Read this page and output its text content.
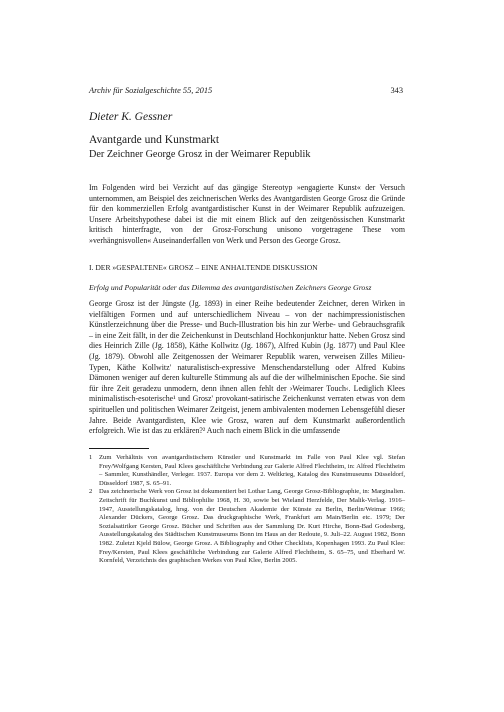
Archiv für Sozialgeschichte 55, 2015	343
Dieter K. Gessner
Avantgarde und Kunstmarkt
Der Zeichner George Grosz in der Weimarer Republik

Im Folgenden wird bei Verzicht auf das gängige Stereotyp »engagierte Kunst« der Versuch unternommen, am Beispiel des zeichnerischen Werks des Avantgardisten George Grosz die Gründe für den kommerziellen Erfolg avantgardistischer Kunst in der Weimarer Republik aufzuzeigen. Unsere Arbeitshypothese dabei ist die mit einem Blick auf den zeitgenössischen Kunstmarkt kritisch hinterfragte, von der Grosz-Forschung unisono vorgetragene These vom »verhängnisvollen« Auseinanderfallen von Werk und Person des George Grosz.

I. DER »GESPALTENE« GROSZ – EINE ANHALTENDE DISKUSSION
Erfolg und Popularität oder das Dilemma des avantgardistischen Zeichners George Grosz

George Grosz ist der Jüngste (Jg. 1893) in einer Reihe bedeutender Zeichner, deren Wirken in vielfältigen Formen und auf unterschiedlichem Niveau – von der nachimpressionistischen Künstlerzeichnung über die Presse- und Buch-Illustration bis hin zur Werbe- und Gebrauchsgrafik – in eine Zeit fällt, in der die Zeichenkunst in Deutschland Hochkonjunktur hatte. Neben Grosz sind dies Heinrich Zille (Jg. 1858), Käthe Kollwitz (Jg. 1867), Alfred Kubin (Jg. 1877) und Paul Klee (Jg. 1879). Obwohl alle Zeitgenossen der Weimarer Republik waren, verweisen Zilles Milieu-Typen, Käthe Kollwitz' naturalistisch-expressive Menschendarstellung oder Alfred Kubins Dämonen weniger auf deren kulturelle Stimmung als auf die der wilhelminischen Epoche. Sie sind für ihre Zeit geradezu unmodern, denn ihnen allen fehlt der ›Weimarer Touch‹. Lediglich Klees minimalistisch-esoterische¹ und Grosz' provokant-satirische Zeichenkunst verraten etwas von dem spirituellen und politischen Weimarer Zeitgeist, jenem ambivalenten modernen Lebensgefühl dieser Jahre. Beide Avantgardisten, Klee wie Grosz, waren auf dem Kunstmarkt außerordentlich erfolgreich. Wie ist das zu erklären?² Auch nach einem Blick in die umfassende

1	Zum Verhältnis von avantgardistischem Künstler und Kunstmarkt im Falle von Paul Klee vgl. Stefan Frey/Wolfgang Kersten, Paul Klees geschäftliche Verbindung zur Galerie Alfred Flechtheim, in: Alfred Flechtheim – Sammler, Kunsthändler, Verleger. 1937. Europa vor dem 2. Weltkrieg, Katalog des Kunstmuseums Düsseldorf, Düsseldorf 1987, S. 65–91.
2	Das zeichnerische Werk von Grosz ist dokumentiert bei Lothar Lang, George Grosz-Bibliographie, in: Marginalien. Zeitschrift für Buchkunst und Bibliophilie 1968, H. 30, sowie bei Wieland Herzfelde, Der Malik-Verlag. 1916–1947, Ausstellungskatalog, hrsg. von der Deutschen Akademie der Künste zu Berlin, Berlin/Weimar 1966; Alexander Dückers, George Grosz. Das druckgraphische Werk, Frankfurt am Main/Berlin etc. 1979; Der Sozialsatiriker George Grosz. Bücher und Schriften aus der Sammlung Dr. Kurt Hirche, Bonn-Bad Godesberg, Ausstellungskatalog des Städtischen Kunstmuseums Bonn im Haus an der Redoute, 9. Juli–22. August 1982, Bonn 1982. Zuletzt Kjeld Bülow, George Grosz. A Bibliography and Other Checklists, Kopenhagen 1993. Zu Paul Klee: Frey/Kersten, Paul Klees geschäftliche Verbindung zur Galerie Alfred Flechtheim, S. 65–75, und Eberhard W. Kornfeld, Verzeichnis des graphischen Werkes von Paul Klee, Berlin 2005.
